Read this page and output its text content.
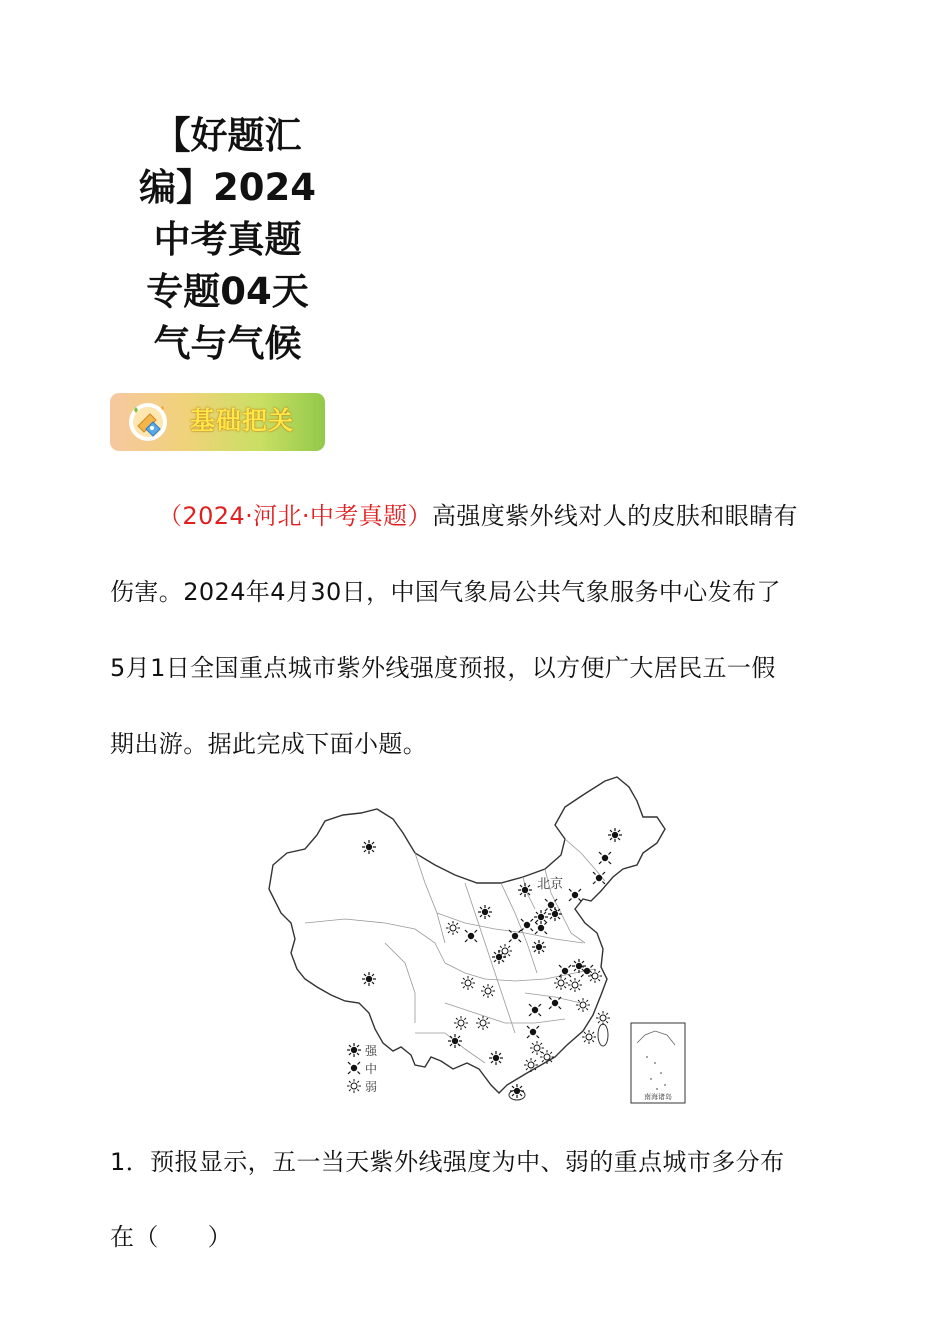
【好题汇
编】2024
中考真题
专题04天
气与气候
基础把关
（2024·河北·中考真题）高强度紫外线对人的皮肤和眼睛有
伤害。2024年4月30日，中国气象局公共气象服务中心发布了
5月1日全国重点城市紫外线强度预报，以方便广大居民五一假
期出游。据此完成下面小题。
南海诸岛
北京
强
中
弱
1．预报显示，五一当天紫外线强度为中、弱的重点城市多分布
在（　　）
